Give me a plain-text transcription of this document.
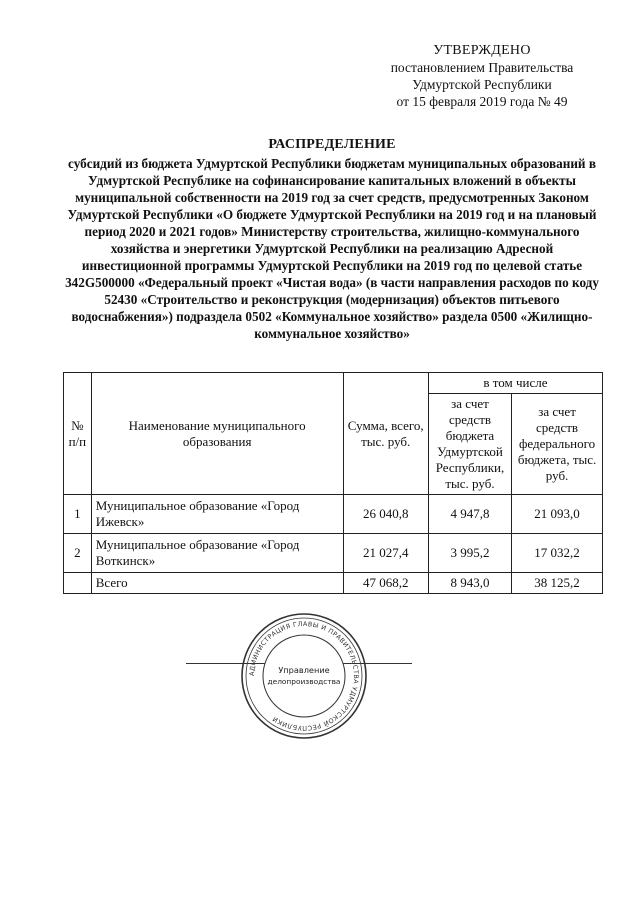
УТВЕРЖДЕНО
постановлением Правительства
Удмуртской Республики
от 15 февраля 2019 года № 49
РАСПРЕДЕЛЕНИЕ
субсидий из бюджета Удмуртской Республики бюджетам муниципальных образований в Удмуртской Республике на софинансирование капитальных вложений в объекты муниципальной собственности на 2019 год за счет средств, предусмотренных Законом Удмуртской Республики «О бюджете Удмуртской Республики на 2019 год и на плановый период 2020 и 2021 годов» Министерству строительства, жилищно-коммунального хозяйства и энергетики Удмуртской Республики на реализацию Адресной инвестиционной программы Удмуртской Республики на 2019 год по целевой статье 342G500000 «Федеральный проект «Чистая вода» (в части направления расходов по коду 52430 «Строительство и реконструкция (модернизация) объектов питьевого водоснабжения») подраздела 0502 «Коммунальное хозяйство» раздела 0500 «Жилищно-коммунальное хозяйство»
№ п/п	Наименование муниципального образования	Сумма, всего, тыс. руб.	в том числе	
			за счет средств бюджета Удмуртской Республики, тыс. руб.	за счет средств федерального бюджета, тыс. руб.
1	Муниципальное образование «Город Ижевск»	26 040,8	4 947,8	21 093,0
2	Муниципальное образование «Город Воткинск»	21 027,4	3 995,2	17 032,2
	Всего	47 068,2	8 943,0	38 125,2
АДМИНИСТРАЦИЯ ГЛАВЫ И ПРАВИТЕЛЬСТВА УДМУРТСКОЙ РЕСПУБЛИКИ
Управление
делопроизводства
